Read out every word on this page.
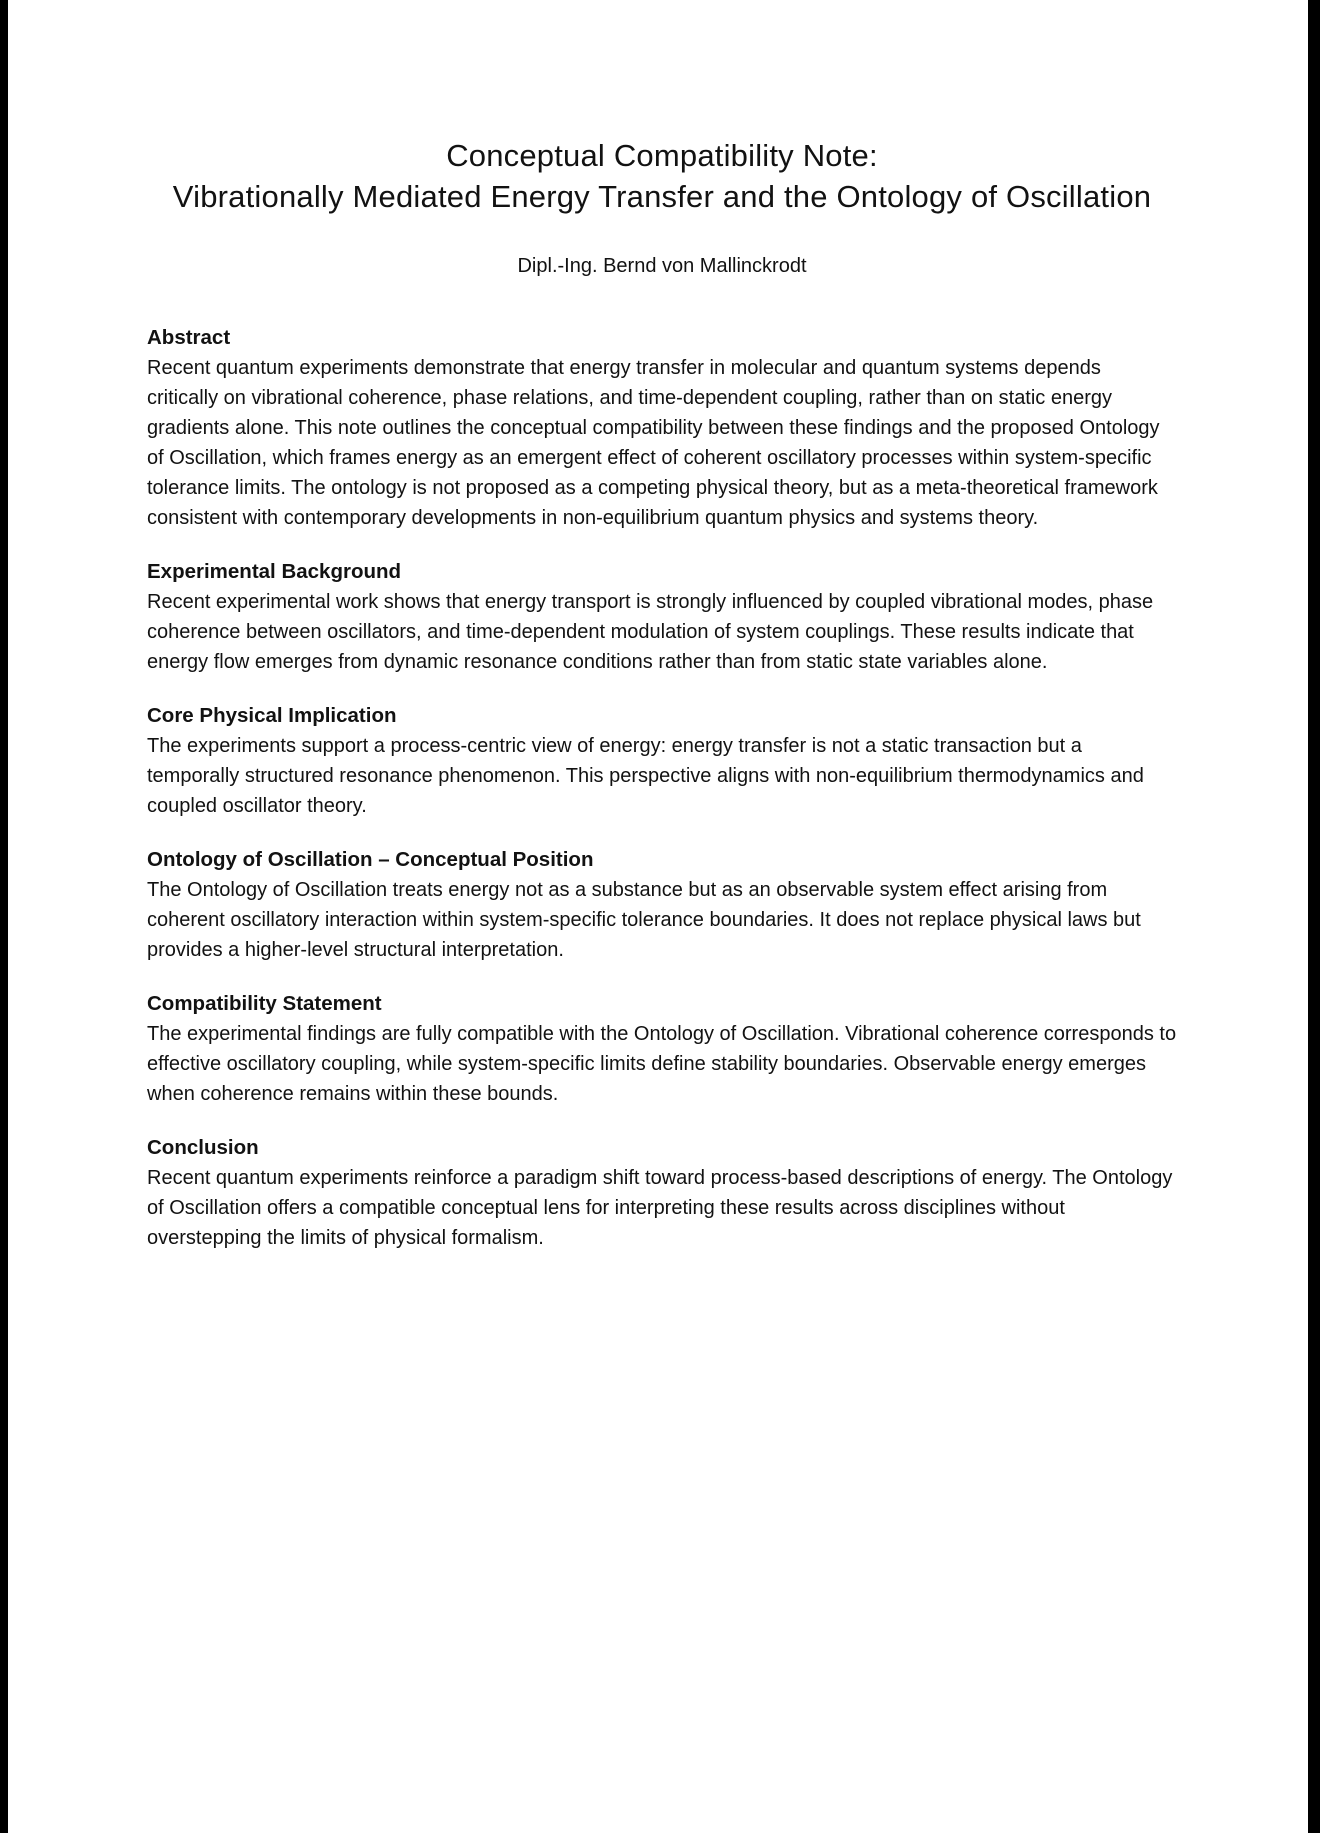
Conceptual Compatibility Note:
Vibrationally Mediated Energy Transfer and the Ontology of Oscillation
Dipl.-Ing. Bernd von Mallinckrodt
Abstract

Recent quantum experiments demonstrate that energy transfer in molecular and quantum systems depends critically on vibrational coherence, phase relations, and time-dependent coupling, rather than on static energy gradients alone. This note outlines the conceptual compatibility between these findings and the proposed Ontology of Oscillation, which frames energy as an emergent effect of coherent oscillatory processes within system-specific tolerance limits. The ontology is not proposed as a competing physical theory, but as a meta-theoretical framework consistent with contemporary developments in non-equilibrium quantum physics and systems theory.

Experimental Background

Recent experimental work shows that energy transport is strongly influenced by coupled vibrational modes, phase coherence between oscillators, and time-dependent modulation of system couplings. These results indicate that energy flow emerges from dynamic resonance conditions rather than from static state variables alone.

Core Physical Implication

The experiments support a process-centric view of energy: energy transfer is not a static transaction but a temporally structured resonance phenomenon. This perspective aligns with non-equilibrium thermodynamics and coupled oscillator theory.

Ontology of Oscillation – Conceptual Position

The Ontology of Oscillation treats energy not as a substance but as an observable system effect arising from coherent oscillatory interaction within system-specific tolerance boundaries. It does not replace physical laws but provides a higher-level structural interpretation.

Compatibility Statement

The experimental findings are fully compatible with the Ontology of Oscillation. Vibrational coherence corresponds to effective oscillatory coupling, while system-specific limits define stability boundaries. Observable energy emerges when coherence remains within these bounds.

Conclusion

Recent quantum experiments reinforce a paradigm shift toward process-based descriptions of energy. The Ontology of Oscillation offers a compatible conceptual lens for interpreting these results across disciplines without overstepping the limits of physical formalism.
